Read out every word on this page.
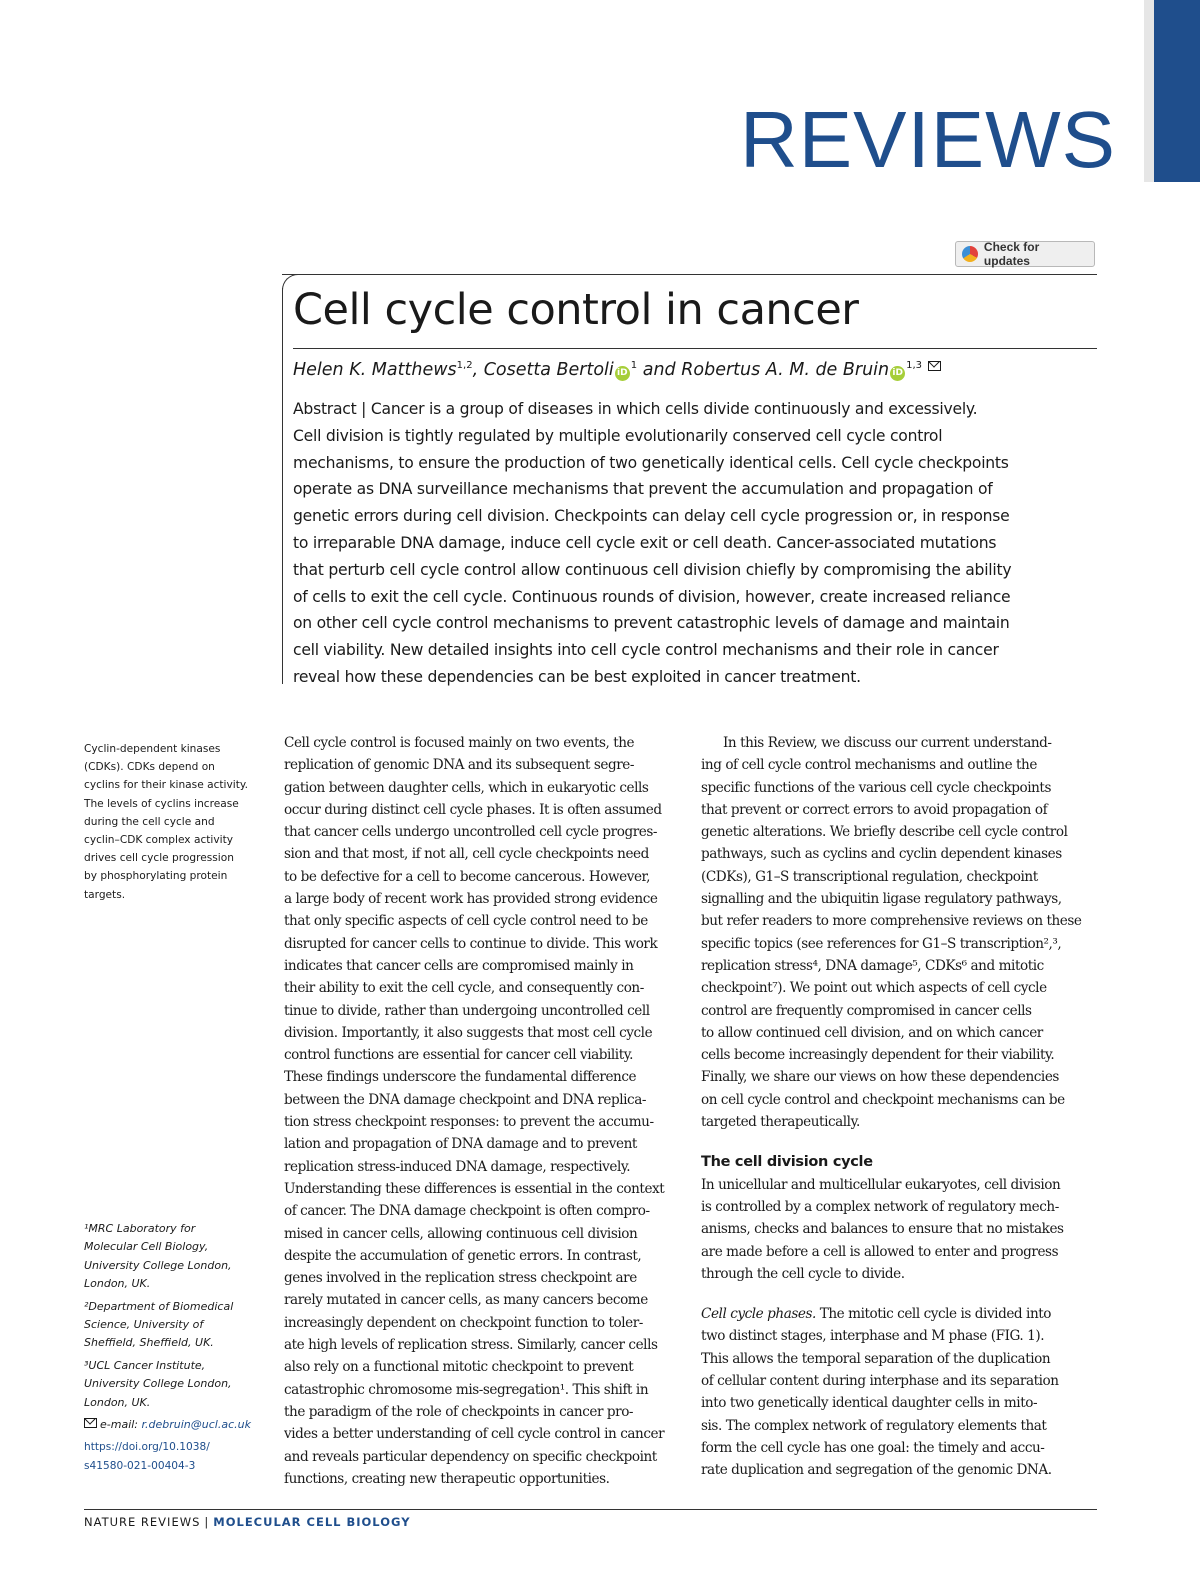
REVIEWS
Check for updates
Cell cycle control in cancer
Helen K. Matthews$^{1,2}$, Cosetta Bertoli $iD^1$ and Robertus A. M. de Bruin iD$^{1,3}$
Abstract | Cancer is a group of diseases in which cells divide continuously and excessively.
Cell division is tightly regulated by multiple evolutionarily conserved cell cycle control
mechanisms, to ensure the production of two genetically identical cells. Cell cycle checkpoints
operate as DNA surveillance mechanisms that prevent the accumulation and propagation of
genetic errors during cell division. Checkpoints can delay cell cycle progression or, in response
to irreparable DNA damage, induce cell cycle exit or cell death. Cancer-associated mutations
that perturb cell cycle control allow continuous cell division chiefly by compromising the ability
of cells to exit the cell cycle. Continuous rounds of division, however, create increased reliance
on other cell cycle control mechanisms to prevent catastrophic levels of damage and maintain
cell viability. New detailed insights into cell cycle control mechanisms and their role in cancer
reveal how these dependencies can be best exploited in cancer treatment.
Cyclin-dependent kinases
(CDKs). CDKs depend on
cyclins for their kinase activity.
The levels of cyclins increase
during the cell cycle and
cyclin–CDK complex activity
drives cell cycle progression
by phosphorylating protein
targets.
¹MRC Laboratory for
Molecular Cell Biology,
University College London,
London, UK.
²Department of Biomedical
Science, University of
Sheffield, Sheffield, UK.
³UCL Cancer Institute,
University College London,
London, UK.
e-mail: r.debruin@ucl.ac.uk
https://doi.org/10.1038/
s41580-021-00404-3
Cell cycle control is focused mainly on two events, the
replication of genomic DNA and its subsequent segre-
gation between daughter cells, which in eukaryotic cells
occur during distinct cell cycle phases. It is often assumed
that cancer cells undergo uncontrolled cell cycle progres-
sion and that most, if not all, cell cycle checkpoints need
to be defective for a cell to become cancerous. However,
a large body of recent work has provided strong evidence
that only specific aspects of cell cycle control need to be
disrupted for cancer cells to continue to divide. This work
indicates that cancer cells are compromised mainly in
their ability to exit the cell cycle, and consequently con-
tinue to divide, rather than undergoing uncontrolled cell
division. Importantly, it also suggests that most cell cycle
control functions are essential for cancer cell viability.
These findings underscore the fundamental difference
between the DNA damage checkpoint and DNA replica-
tion stress checkpoint responses: to prevent the accumu-
lation and propagation of DNA damage and to prevent
replication stress-induced DNA damage, respectively.
Understanding these differences is essential in the context
of cancer. The DNA damage checkpoint is often compro-
mised in cancer cells, allowing continuous cell division
despite the accumulation of genetic errors. In contrast,
genes involved in the replication stress checkpoint are
rarely mutated in cancer cells, as many cancers become
increasingly dependent on checkpoint function to toler-
ate high levels of replication stress. Similarly, cancer cells
also rely on a functional mitotic checkpoint to prevent
catastrophic chromosome mis-segregation¹. This shift in
the paradigm of the role of checkpoints in cancer pro-
vides a better understanding of cell cycle control in cancer
and reveals particular dependency on specific checkpoint
functions, creating new therapeutic opportunities.
In this Review, we discuss our current understand-
ing of cell cycle control mechanisms and outline the
specific functions of the various cell cycle checkpoints
that prevent or correct errors to avoid propagation of
genetic alterations. We briefly describe cell cycle control
pathways, such as cyclins and cyclin dependent kinases
(CDKs), G1–S transcriptional regulation, checkpoint
signalling and the ubiquitin ligase regulatory pathways,
but refer readers to more comprehensive reviews on these
specific topics (see references for G1–S transcription²,³,
replication stress⁴, DNA damage⁵, CDKs⁶ and mitotic
checkpoint⁷). We point out which aspects of cell cycle
control are frequently compromised in cancer cells
to allow continued cell division, and on which cancer
cells become increasingly dependent for their viability.
Finally, we share our views on how these dependencies
on cell cycle control and checkpoint mechanisms can be
targeted therapeutically.
The cell division cycle
In unicellular and multicellular eukaryotes, cell division
is controlled by a complex network of regulatory mech-
anisms, checks and balances to ensure that no mistakes
are made before a cell is allowed to enter and progress
through the cell cycle to divide.
Cell cycle phases. The mitotic cell cycle is divided into
two distinct stages, interphase and M phase (FIG. 1).
This allows the temporal separation of the duplication
of cellular content during interphase and its separation
into two genetically identical daughter cells in mito-
sis. The complex network of regulatory elements that
form the cell cycle has one goal: the timely and accu-
rate duplication and segregation of the genomic DNA.
NATURE REVIEWS | MOLECULAR CELL BIOLOGY
